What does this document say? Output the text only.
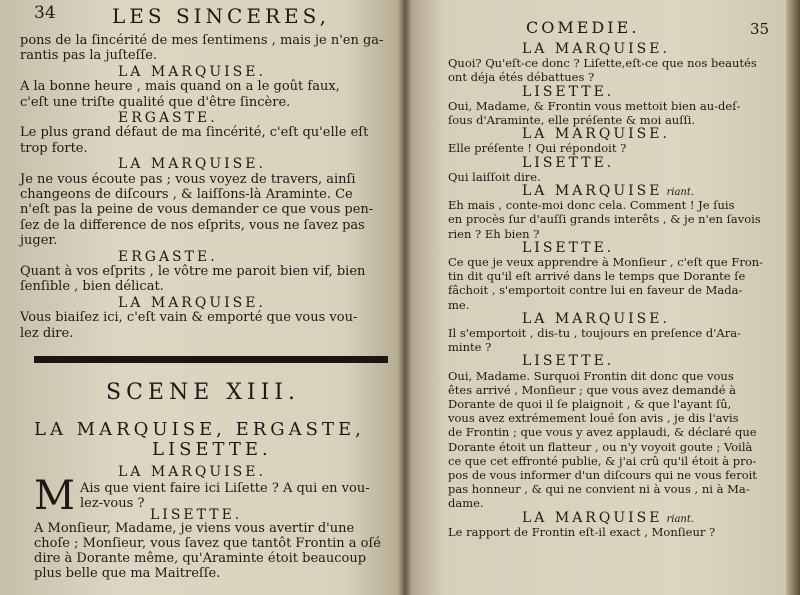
34	LES SINCERES,
pons de la ſincérité de mes ſentimens , mais je n'en ga-
rantis pas la juſteſſe.
LA MARQUISE.
A la bonne heure , mais quand on a le goût faux,
c'eſt une triſte qualité que d'être ſincère.
ERGASTE.
Le plus grand défaut de ma ſincérité, c'eſt qu'elle eſt
trop forte.
LA MARQUISE.
Je ne vous écoute pas ; vous voyez de travers, ainſi
changeons de diſcours , & laiſſons-là Araminte. Ce
n'eſt pas la peine de vous demander ce que vous pen-
ſez de la difference de nos eſprits, vous ne ſavez pas
juger.
ERGASTE.
Quant à vos eſprits , le vôtre me paroit bien vif, bien
ſenſible , bien délicat.
LA MARQUISE.
Vous biaiſez ici, c'eſt vain & emporté que vous vou-
lez dire.
SCENE XIII.
LA MARQUISE, ERGASTE,
LISETTE.
LA MARQUISE.
M Ais que vient faire ici Liſette ? A qui en vou-
lez-vous ?
LISETTE.
A Monſieur, Madame, je viens vous avertir d'une
choſe ; Monſieur, vous ſavez que tantôt Frontin a oſé
dire à Dorante même, qu'Araminte étoit beaucoup
plus belle que ma Maitreſſe.
COMEDIE.	35
LA MARQUISE.
Quoi? Qu'eſt-ce donc ? Liſette,eſt-ce que nos beautés
ont déja étés débattues ?
LISETTE.
Oui, Madame, & Frontin vous mettoit bien au-deſ-
ſous d'Araminte, elle préſente & moi auſſi.
LA MARQUISE.
Elle préſente ! Qui répondoit ?
LISETTE.
Qui laiſſoit dire.
LA MARQUISE riant.
Eh mais , conte-moi donc cela. Comment ! Je ſuis
en procès ſur d'auſſi grands interêts , & je n'en ſavois
rien ? Eh bien ?
LISETTE.
Ce que je veux apprendre à Monſieur , c'eſt que Fron-
tin dit qu'il eſt arrivé dans le temps que Dorante ſe
fâchoit , s'emportoit contre lui en faveur de Mada-
me.
LA MARQUISE.
Il s'emportoit , dis-tu , toujours en preſence d'Ara-
minte ?
LISETTE.
Oui, Madame. Surquoi Frontin dit donc que vous
êtes arrivé , Monſieur ; que vous avez demandé à
Dorante de quoi il ſe plaignoit , & que l'ayant ſû,
vous avez extrémement loué ſon avis , je dis l'avis
de Frontin ; que vous y avez applaudi, & déclaré que
Dorante étoit un flatteur , ou n'y voyoit goute ; Voilà
ce que cet effronté publie, & j'ai crû qu'il étoit à pro-
pos de vous informer d'un diſcours qui ne vous feroit
pas honneur , & qui ne convient ni à vous , ni à Ma-
dame.
LA MARQUISE riant.
Le rapport de Frontin eſt-il exact , Monſieur ?
